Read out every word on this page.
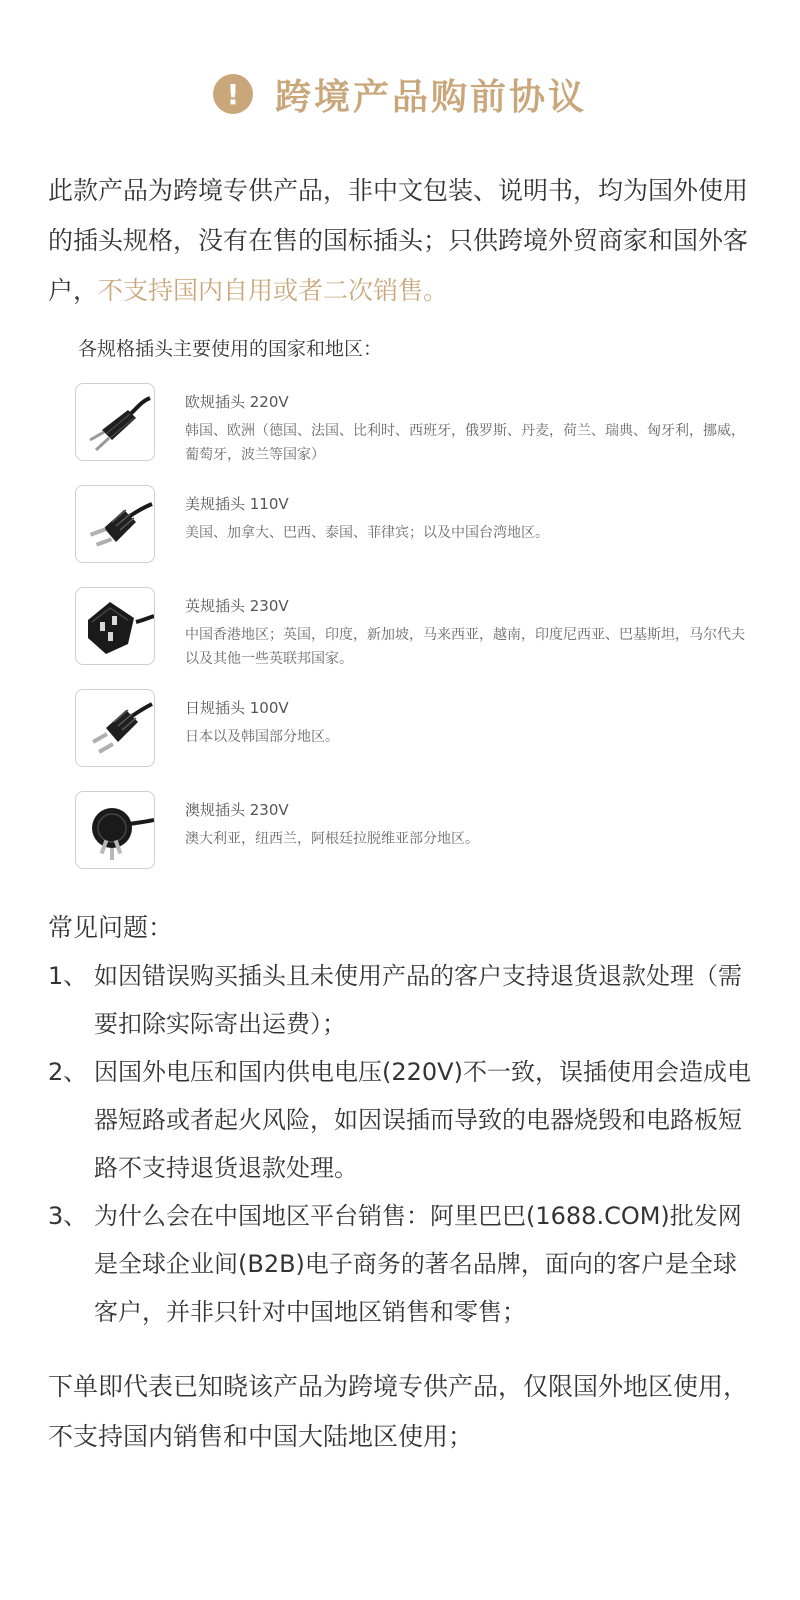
! 跨境产品购前协议

此款产品为跨境专供产品，非中文包装、说明书，均为国外使用的插头规格，没有在售的国标插头；只供跨境外贸商家和国外客户，不支持国内自用或者二次销售。

各规格插头主要使用的国家和地区：

欧规插头 220V

韩国、欧洲（德国、法国、比利时、西班牙，俄罗斯、丹麦，荷兰、瑞典、匈牙利，挪威，葡萄牙，波兰等国家）

美规插头 110V

美国、加拿大、巴西、泰国、菲律宾；以及中国台湾地区。

英规插头 230V

中国香港地区；英国，印度，新加坡，马来西亚，越南，印度尼西亚、巴基斯坦，马尔代夫以及其他一些英联邦国家。

日规插头 100V

日本以及韩国部分地区。

澳规插头 230V

澳大利亚，纽西兰，阿根廷拉脱维亚部分地区。

常见问题：

1、 如因错误购买插头且未使用产品的客户支持退货退款处理（需要扣除实际寄出运费）；
2、 因国外电压和国内供电电压(220V)不一致，误插使用会造成电器短路或者起火风险，如因误插而导致的电器烧毁和电路板短路不支持退货退款处理。
3、 为什么会在中国地区平台销售：阿里巴巴(1688.COM)批发网是全球企业间(B2B)电子商务的著名品牌，面向的客户是全球客户，并非只针对中国地区销售和零售；

下单即代表已知晓该产品为跨境专供产品，仅限国外地区使用，不支持国内销售和中国大陆地区使用；
